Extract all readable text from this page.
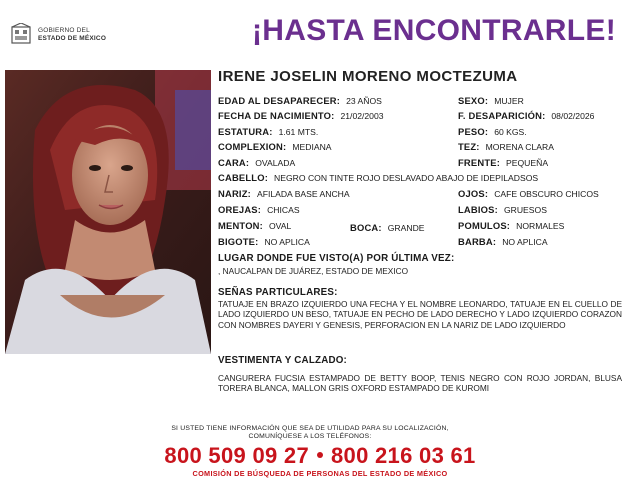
GOBIERNO DEL
ESTADO DE MÉXICO	¡HASTA ENCONTRARLE!
IRENE JOSELIN MORENO MOCTEZUMA
EDAD AL DESAPARECER: 23 AÑOS	SEXO: MUJER
FECHA DE NACIMIENTO: 21/02/2003	F. DESAPARICIÓN: 08/02/2026
ESTATURA: 1.61 MTS.	PESO: 60 KGS.
COMPLEXION: MEDIANA	TEZ: MORENA CLARA
CARA: OVALADA	FRENTE: PEQUEÑA
CABELLO: NEGRO CON TINTE ROJO DESLAVADO ABAJO DE IDEPILADSOS
NARIZ: AFILADA BASE ANCHA	OJOS: CAFE OBSCURO CHICOS
OREJAS: CHICAS	LABIOS: GRUESOS
MENTON: OVAL	BOCA: GRANDE	POMULOS: NORMALES
BIGOTE: NO APLICA	BARBA: NO APLICA
LUGAR DONDE FUE VISTO(A) POR ÚLTIMA VEZ:
, NAUCALPAN DE JUÁREZ, ESTADO DE MEXICO
SEÑAS PARTICULARES:
TATUAJE EN BRAZO IZQUIERDO UNA FECHA Y EL NOMBRE LEONARDO, TATUAJE EN EL CUELLO DE LADO IZQUIERDO UN BESO, TATUAJE EN PECHO DE LADO DERECHO Y LADO IZQUIERDO CORAZON CON NOMBRES DAYERI Y GENESIS, PERFORACION EN LA NARIZ DE LADO IZQUIERDO
VESTIMENTA Y CALZADO:
CANGURERA FUCSIA ESTAMPADO DE BETTY BOOP, TENIS NEGRO CON ROJO JORDAN, BLUSA TORERA BLANCA, MALLON GRIS OXFORD ESTAMPADO DE KUROMI
SI USTED TIENE INFORMACIÓN QUE SEA DE UTILIDAD PARA SU LOCALIZACIÓN,
COMUNÍQUESE A LOS TELÉFONOS:
800 509 09 27 800 216 03 61
COMISIÓN DE BÚSQUEDA DE PERSONAS DEL ESTADO DE MÉXICO
